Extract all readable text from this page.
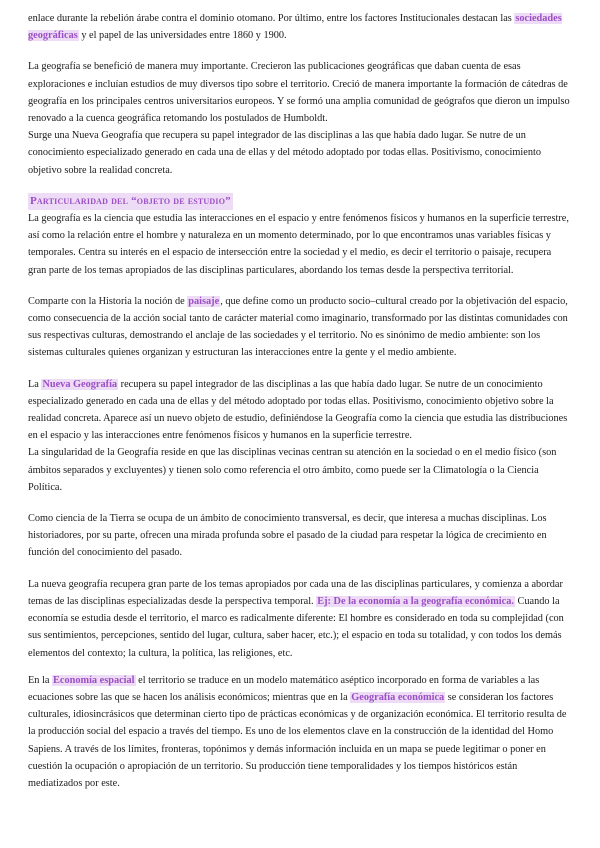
enlace durante la rebelión árabe contra el dominio otomano. Por último, entre los factores Institucionales destacan las sociedades geográficas y el papel de las universidades entre 1860 y 1900.

La geografía se benefició de manera muy importante. Crecieron las publicaciones geográficas que daban cuenta de esas exploraciones e incluían estudios de muy diversos tipo sobre el territorio. Creció de manera importante la formación de cátedras de geografía en los principales centros universitarios europeos. Y se formó una amplia comunidad de geógrafos que dieron un impulso renovado a la cuenca geográfica retomando los postulados de Humboldt.

Surge una Nueva Geografía que recupera su papel integrador de las disciplinas a las que había dado lugar. Se nutre de un conocimiento especializado generado en cada una de ellas y del método adoptado por todas ellas. Positivismo, conocimiento objetivo sobre la realidad concreta.

Particularidad del “objeto de estudio”

La geografía es la ciencia que estudia las interacciones en el espacio y entre fenómenos físicos y humanos en la superficie terrestre, así como la relación entre el hombre y naturaleza en un momento determinado, por lo que encontramos unas variables físicas y temporales. Centra su interés en el espacio de intersección entre la sociedad y el medio, es decir el territorio o paisaje, recupera gran parte de los temas apropiados de las disciplinas particulares, abordando los temas desde la perspectiva territorial.

Comparte con la Historia la noción de paisaje, que define como un producto socio–cultural creado por la objetivación del espacio, como consecuencia de la acción social tanto de carácter material como imaginario, transformado por las distintas comunidades con sus respectivas culturas, demostrando el anclaje de las sociedades y el territorio. No es sinónimo de medio ambiente: son los sistemas culturales quienes organizan y estructuran las interacciones entre la gente y el medio ambiente.

La Nueva Geografía recupera su papel integrador de las disciplinas a las que había dado lugar. Se nutre de un conocimiento especializado generado en cada una de ellas y del método adoptado por todas ellas. Positivismo, conocimiento objetivo sobre la realidad concreta. Aparece así un nuevo objeto de estudio, definiéndose la Geografía como la ciencia que estudia las distribuciones en el espacio y las interacciones entre fenómenos físicos y humanos en la superficie terrestre.

La singularidad de la Geografía reside en que las disciplinas vecinas centran su atención en la sociedad o en el medio físico (son ámbitos separados y excluyentes) y tienen solo como referencia el otro ámbito, como puede ser la Climatología o la Ciencia Política.

Como ciencia de la Tierra se ocupa de un ámbito de conocimiento transversal, es decir, que interesa a muchas disciplinas. Los historiadores, por su parte, ofrecen una mirada profunda sobre el pasado de la ciudad para respetar la lógica de crecimiento en función del conocimiento del pasado.

La nueva geografía recupera gran parte de los temas apropiados por cada una de las disciplinas particulares, y comienza a abordar temas de las disciplinas especializadas desde la perspectiva temporal. Ej: De la economía a la geografía económica. Cuando la economía se estudia desde el territorio, el marco es radicalmente diferente: El hombre es considerado en toda su complejidad (con sus sentimientos, percepciones, sentido del lugar, cultura, saber hacer, etc.); el espacio en toda su totalidad, y con todos los demás elementos del contexto; la cultura, la política, las religiones, etc.

En la Economía espacial el territorio se traduce en un modelo matemático aséptico incorporado en forma de variables a las ecuaciones sobre las que se hacen los análisis económicos; mientras que en la Geografía económica se consideran los factores culturales, idiosincrásicos que determinan cierto tipo de prácticas económicas y de organización económica. El territorio resulta de la producción social del espacio a través del tiempo. Es uno de los elementos clave en la construcción de la identidad del Homo Sapiens. A través de los límites, fronteras, topónimos y demás información incluida en un mapa se puede legitimar o poner en cuestión la ocupación o apropiación de un territorio. Su producción tiene temporalidades y los tiempos históricos están mediatizados por este.
